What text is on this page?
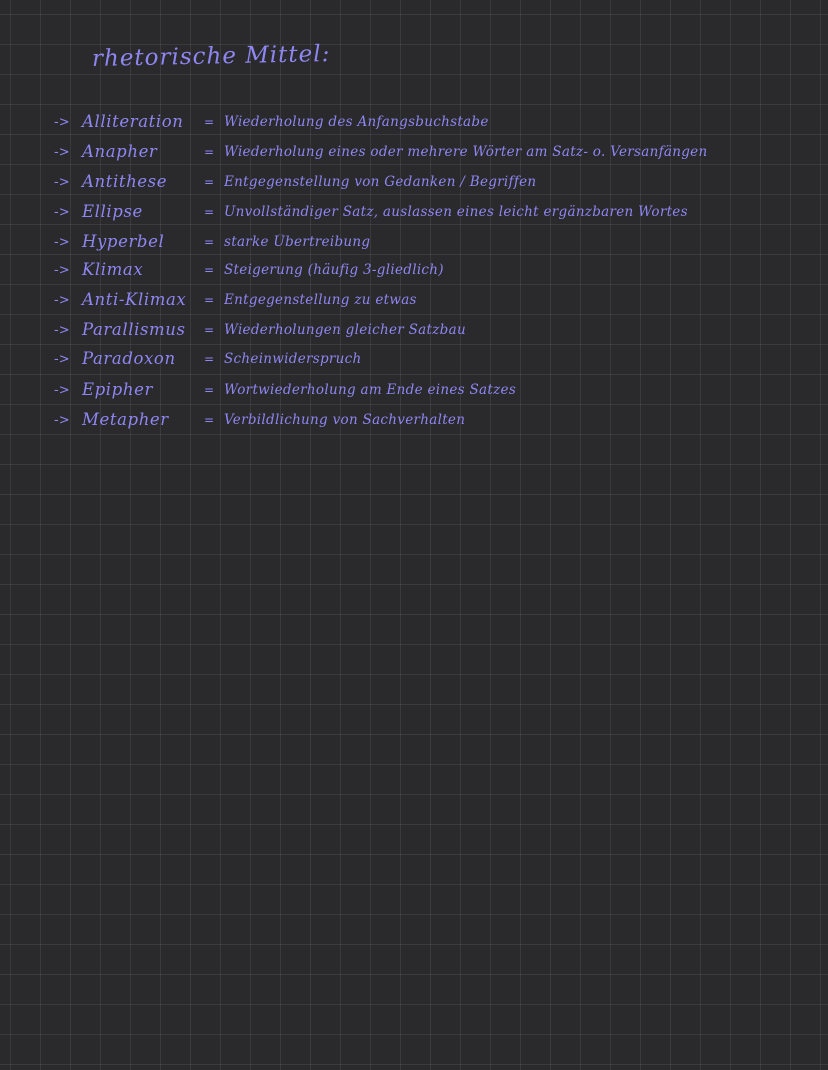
rhetorische Mittel:
-> Alliteration = Wiederholung des Anfangsbuchstabe
-> Anapher	= Wiederholung eines oder mehrere Wörter am Satz- o. Versanfängen
-> Antithese	= Entgegenstellung von Gedanken / Begriffen
-> Ellipse	= Unvollständiger Satz, auslassen eines leicht ergänzbaren Wortes
-> Hyperbel	= starke Übertreibung
-> Klimax	= Steigerung (häufig 3-gliedlich)
-> Anti-Klimax = Entgegenstellung zu etwas
-> Parallismus = Wiederholungen gleicher Satzbau
-> Paradoxon = Scheinwiderspruch
-> Epipher	= Wortwiederholung am Ende eines Satzes
-> Metapher	= Verbildlichung von Sachverhalten
